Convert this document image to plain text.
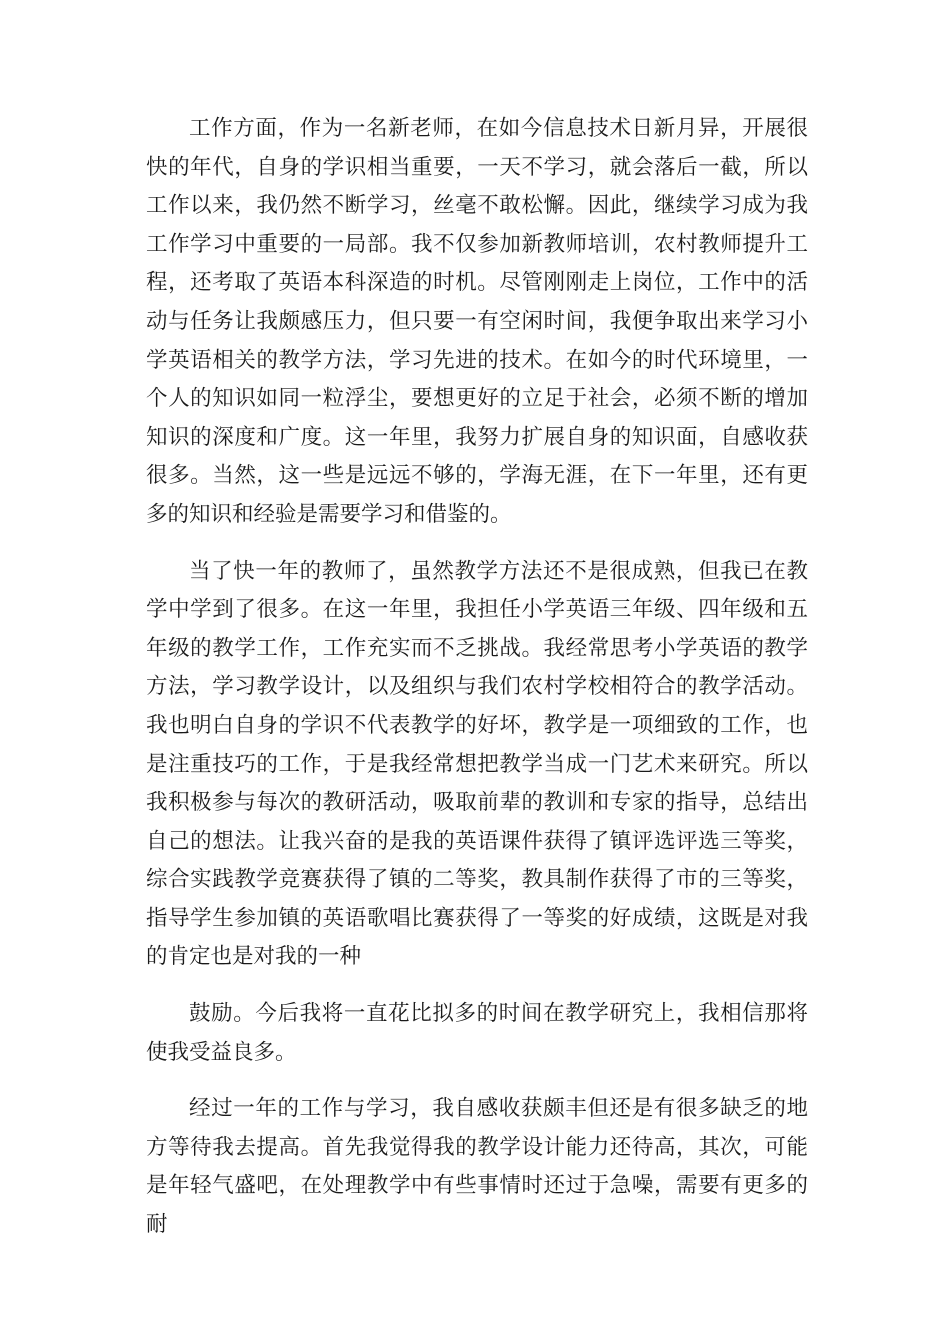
工作方面，作为一名新老师，在如今信息技术日新月异，开展很快的年代，自身的学识相当重要，一天不学习，就会落后一截，所以工作以来，我仍然不断学习，丝毫不敢松懈。因此，继续学习成为我工作学习中重要的一局部。我不仅参加新教师培训，农村教师提升工程，还考取了英语本科深造的时机。尽管刚刚走上岗位，工作中的活动与任务让我颇感压力，但只要一有空闲时间，我便争取出来学习小学英语相关的教学方法，学习先进的技术。在如今的时代环境里，一个人的知识如同一粒浮尘，要想更好的立足于社会，必须不断的增加知识的深度和广度。这一年里，我努力扩展自身的知识面，自感收获很多。当然，这一些是远远不够的，学海无涯，在下一年里，还有更多的知识和经验是需要学习和借鉴的。

当了快一年的教师了，虽然教学方法还不是很成熟，但我已在教学中学到了很多。在这一年里，我担任小学英语三年级、四年级和五年级的教学工作，工作充实而不乏挑战。我经常思考小学英语的教学方法，学习教学设计，以及组织与我们农村学校相符合的教学活动。我也明白自身的学识不代表教学的好坏，教学是一项细致的工作，也是注重技巧的工作，于是我经常想把教学当成一门艺术来研究。所以我积极参与每次的教研活动，吸取前辈的教训和专家的指导，总结出自己的想法。让我兴奋的是我的英语课件获得了镇评选评选三等奖，综合实践教学竞赛获得了镇的二等奖，教具制作获得了市的三等奖，指导学生参加镇的英语歌唱比赛获得了一等奖的好成绩，这既是对我的肯定也是对我的一种

鼓励。今后我将一直花比拟多的时间在教学研究上，我相信那将使我受益良多。

经过一年的工作与学习，我自感收获颇丰但还是有很多缺乏的地方等待我去提高。首先我觉得我的教学设计能力还待高，其次，可能是年轻气盛吧，在处理教学中有些事情时还过于急噪，需要有更多的耐
